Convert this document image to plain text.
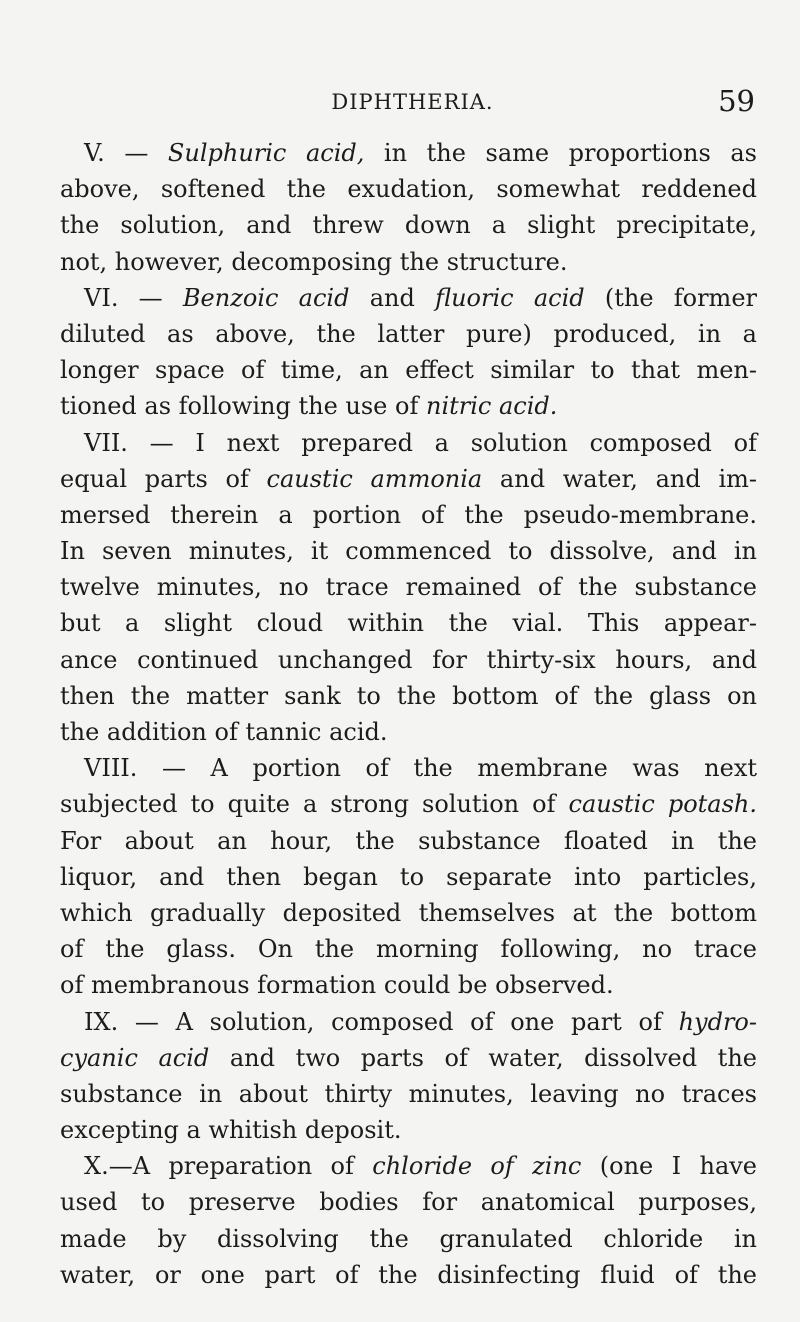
DIPHTHERIA.	59
V. — Sulphuric acid, in the same proportions as
above, softened the exudation, somewhat reddened
the solution, and threw down a slight precipitate,
not, however, decomposing the structure.
VI. — Benzoic acid and fluoric acid (the former
diluted as above, the latter pure) produced, in a
longer space of time, an effect similar to that men-
tioned as following the use of nitric acid.
VII. — I next prepared a solution composed of
equal parts of caustic ammonia and water, and im-
mersed therein a portion of the pseudo-membrane.
In seven minutes, it commenced to dissolve, and in
twelve minutes, no trace remained of the substance
but a slight cloud within the vial. This appear-
ance continued unchanged for thirty-six hours, and
then the matter sank to the bottom of the glass on
the addition of tannic acid.
VIII. — A portion of the membrane was next
subjected to quite a strong solution of caustic potash.
For about an hour, the substance floated in the
liquor, and then began to separate into particles,
which gradually deposited themselves at the bottom
of the glass. On the morning following, no trace
of membranous formation could be observed.
IX. — A solution, composed of one part of hydro-
cyanic acid and two parts of water, dissolved the
substance in about thirty minutes, leaving no traces
excepting a whitish deposit.
X.—A preparation of chloride of zinc (one I have
used to preserve bodies for anatomical purposes,
made by dissolving the granulated chloride in
water, or one part of the disinfecting fluid of the
